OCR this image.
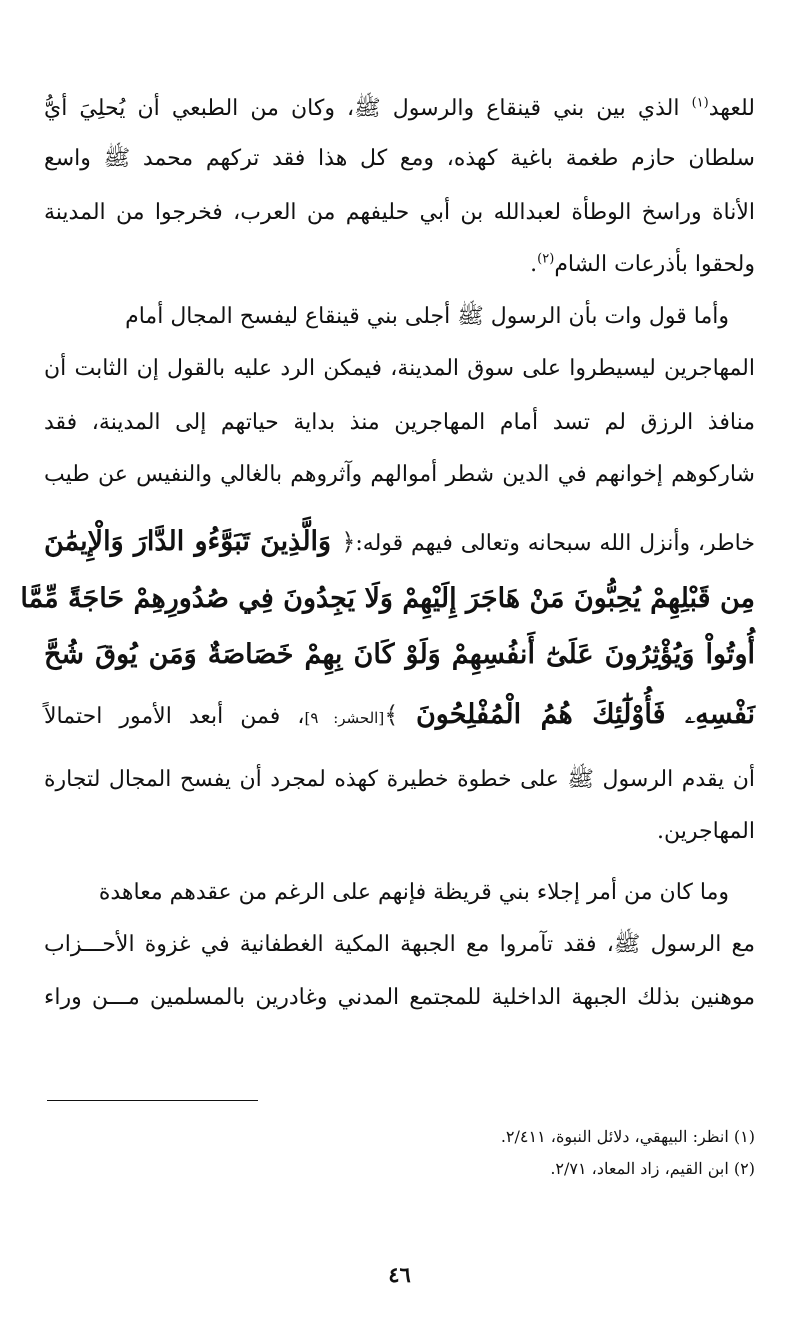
للعهد$^{(١)}$ الذي بين بني قينقاع والرسول ﷺ، وكان من الطبعي أن يُحلِيَ أيُّ
سلطان حازم طغمة باغية كهذه، ومع كل هذا فقد تركهم محمد ﷺ واسع
الأناة وراسخ الوطأة لعبدالله بن أبي حليفهم من العرب، فخرجوا من المدينة
ولحقوا بأذرعات الشام$^{(٢)}$.
وأما قول وات بأن الرسول ﷺ أجلى بني قينقاع ليفسح المجال أمام
المهاجرين ليسيطروا على سوق المدينة، فيمكن الرد عليه بالقول إن الثابت أن
منافذ الرزق لم تسد أمام المهاجرين منذ بداية حياتهم إلى المدينة، فقد
شاركوهم إخوانهم في الدين شطر أموالهم وآثروهم بالغالي والنفيس عن طيب
خاطر، وأنزل الله سبحانه وتعالى فيهم قوله:﴿ وَالَّذِينَ تَبَوَّءُو الدَّارَ وَالْإِيمَٰنَ
مِن قَبْلِهِمْ يُحِبُّونَ مَنْ هَاجَرَ إِلَيْهِمْ وَلَا يَجِدُونَ فِي صُدُورِهِمْ حَاجَةً مِّمَّا
أُوتُواْ وَيُؤْثِرُونَ عَلَىٰٓ أَنفُسِهِمْ وَلَوْ كَانَ بِهِمْ خَصَاصَةٌ وَمَن يُوقَ شُحَّ
نَفْسِهِۦ فَأُوْلَٰٓئِكَ هُمُ الْمُفْلِحُونَ ﴾[الحشر: ٩]، فمن أبعد الأمور احتمالاً
أن يقدم الرسول ﷺ على خطوة خطيرة كهذه لمجرد أن يفسح المجال لتجارة
المهاجرين.
وما كان من أمر إجلاء بني قريظة فإنهم على الرغم من عقدهم معاهدة
مع الرسول ﷺ، فقد تآمروا مع الجبهة المكية الغطفانية في غزوة الأحـــزاب
موهنين بذلك الجبهة الداخلية للمجتمع المدني وغادرين بالمسلمين مـــن وراء
(١) انظر: البيهقي، دلائل النبوة، ٢/٤١١.
(٢) ابن القيم، زاد المعاد، ٢/٧١.
٤٦
